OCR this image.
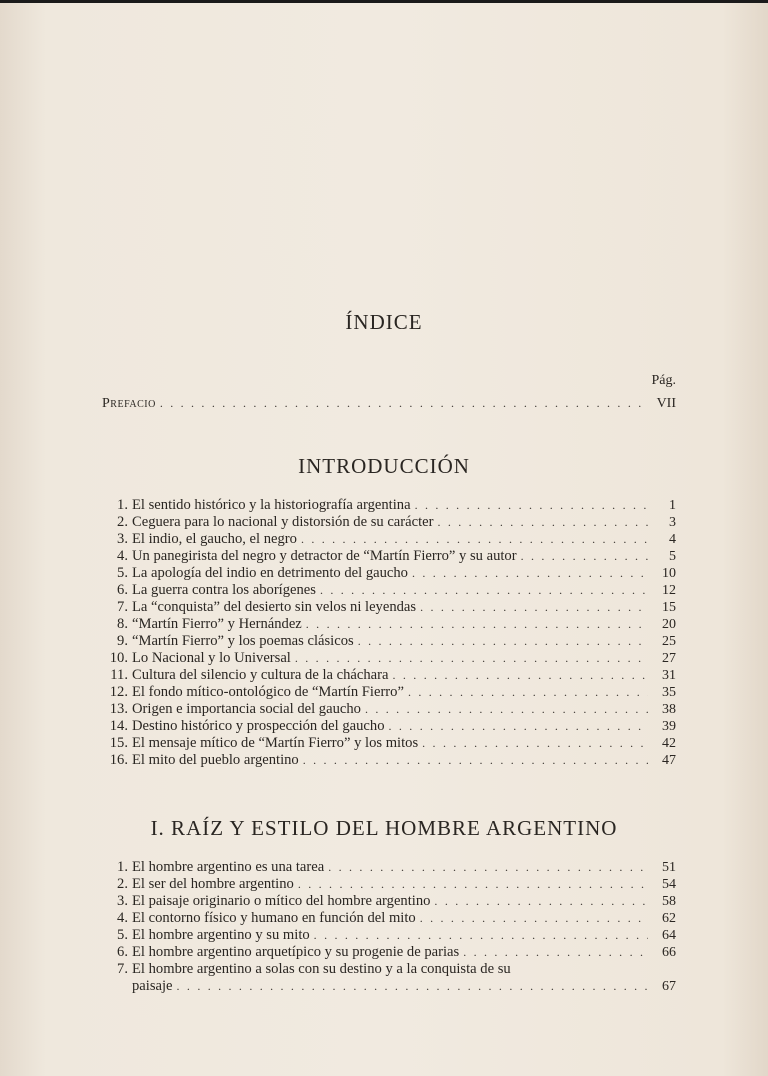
ÍNDICE
Pág.
Prefacio . . .	VII
INTRODUCCIÓN
1. El sentido histórico y la historiografía argentina . . .	1
2. Ceguera para lo nacional y distorsión de su carácter . . .	3
3. El indio, el gaucho, el negro . . .	4
4. Un panegirista del negro y detractor de “Martín Fierro” y su autor . . .	5
5. La apología del indio en detrimento del gaucho . . .	10
6. La guerra contra los aborígenes . . .	12
7. La “conquista” del desierto sin velos ni leyendas . . .	15
8. “Martín Fierro” y Hernández . . .	20
9. “Martín Fierro” y los poemas clásicos . . .	25
10. Lo Nacional y lo Universal . . .	27
11. Cultura del silencio y cultura de la cháchara . . .	31
12. El fondo mítico-ontológico de “Martín Fierro” . . .	35
13. Origen e importancia social del gaucho . . .	38
14. Destino histórico y prospección del gaucho . . .	39
15. El mensaje mítico de “Martín Fierro” y los mitos . . .	42
16. El mito del pueblo argentino . . .	47
I. RAÍZ Y ESTILO DEL HOMBRE ARGENTINO
1. El hombre argentino es una tarea . . .	51
2. El ser del hombre argentino . . .	54
3. El paisaje originario o mítico del hombre argentino . . .	58
4. El contorno físico y humano en función del mito . . .	62
5. El hombre argentino y su mito . . .	64
6. El hombre argentino arquetípico y su progenie de parias . . .	66
7. El hombre argentino a solas con su destino y a la conquista de su
paisaje . . .	67
